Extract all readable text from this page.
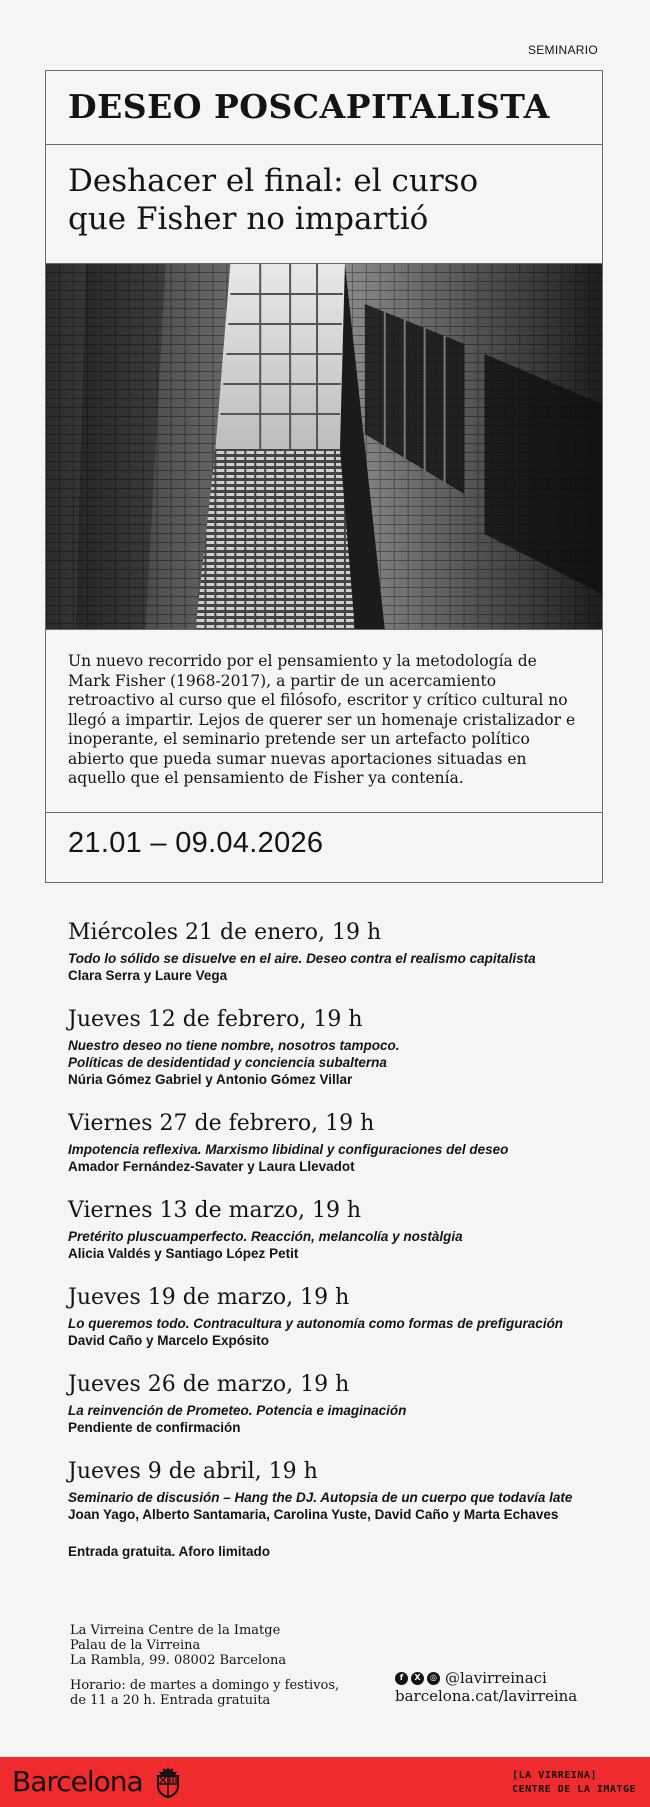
SEMINARIO
DESEO POSCAPITALISTA
Deshacer el final: el curso
que Fisher no impartió
Un nuevo recorrido por el pensamiento y la metodología de Mark Fisher (1968-2017), a partir de un acercamiento retroactivo al curso que el filósofo, escritor y crítico cultural no llegó a impartir. Lejos de querer ser un homenaje cristalizador e inoperante, el seminario pretende ser un artefacto político abierto que pueda sumar nuevas aportaciones situadas en aquello que el pensamiento de Fisher ya contenía.
21.01 – 09.04.2026
Miércoles 21 de enero, 19 h
Todo lo sólido se disuelve en el aire. Deseo contra el realismo capitalista
Clara Serra y Laure Vega
Jueves 12 de febrero, 19 h
Nuestro deseo no tiene nombre, nosotros tampoco.
Políticas de desidentidad y conciencia subalterna
Núria Gómez Gabriel y Antonio Gómez Villar
Viernes 27 de febrero, 19 h
Impotencia reflexiva. Marxismo libidinal y configuraciones del deseo
Amador Fernández-Savater y Laura Llevadot
Viernes 13 de marzo, 19 h
Pretérito pluscuamperfecto. Reacción, melancolía y nostàlgia
Alicia Valdés y Santiago López Petit
Jueves 19 de marzo, 19 h
Lo queremos todo. Contracultura y autonomía como formas de prefiguración
David Caño y Marcelo Expósito
Jueves 26 de marzo, 19 h
La reinvención de Prometeo. Potencia e imaginación
Pendiente de confirmación
Jueves 9 de abril, 19 h
Seminario de discusión – Hang the DJ. Autopsia de un cuerpo que todavía late
Joan Yago, Alberto Santamaria, Carolina Yuste, David Caño y Marta Echaves
Entrada gratuita. Aforo limitado
La Virreina Centre de la Imatge
Palau de la Virreina
La Rambla, 99. 08002 Barcelona
Horario: de martes a domingo y festivos,
de 11 a 20 h. Entrada gratuita
f	X	◎ @lavirreinaci
barcelona.cat/lavirreina
Barcelona	[LA VIRREINA]
CENTRE DE LA IMATGE
